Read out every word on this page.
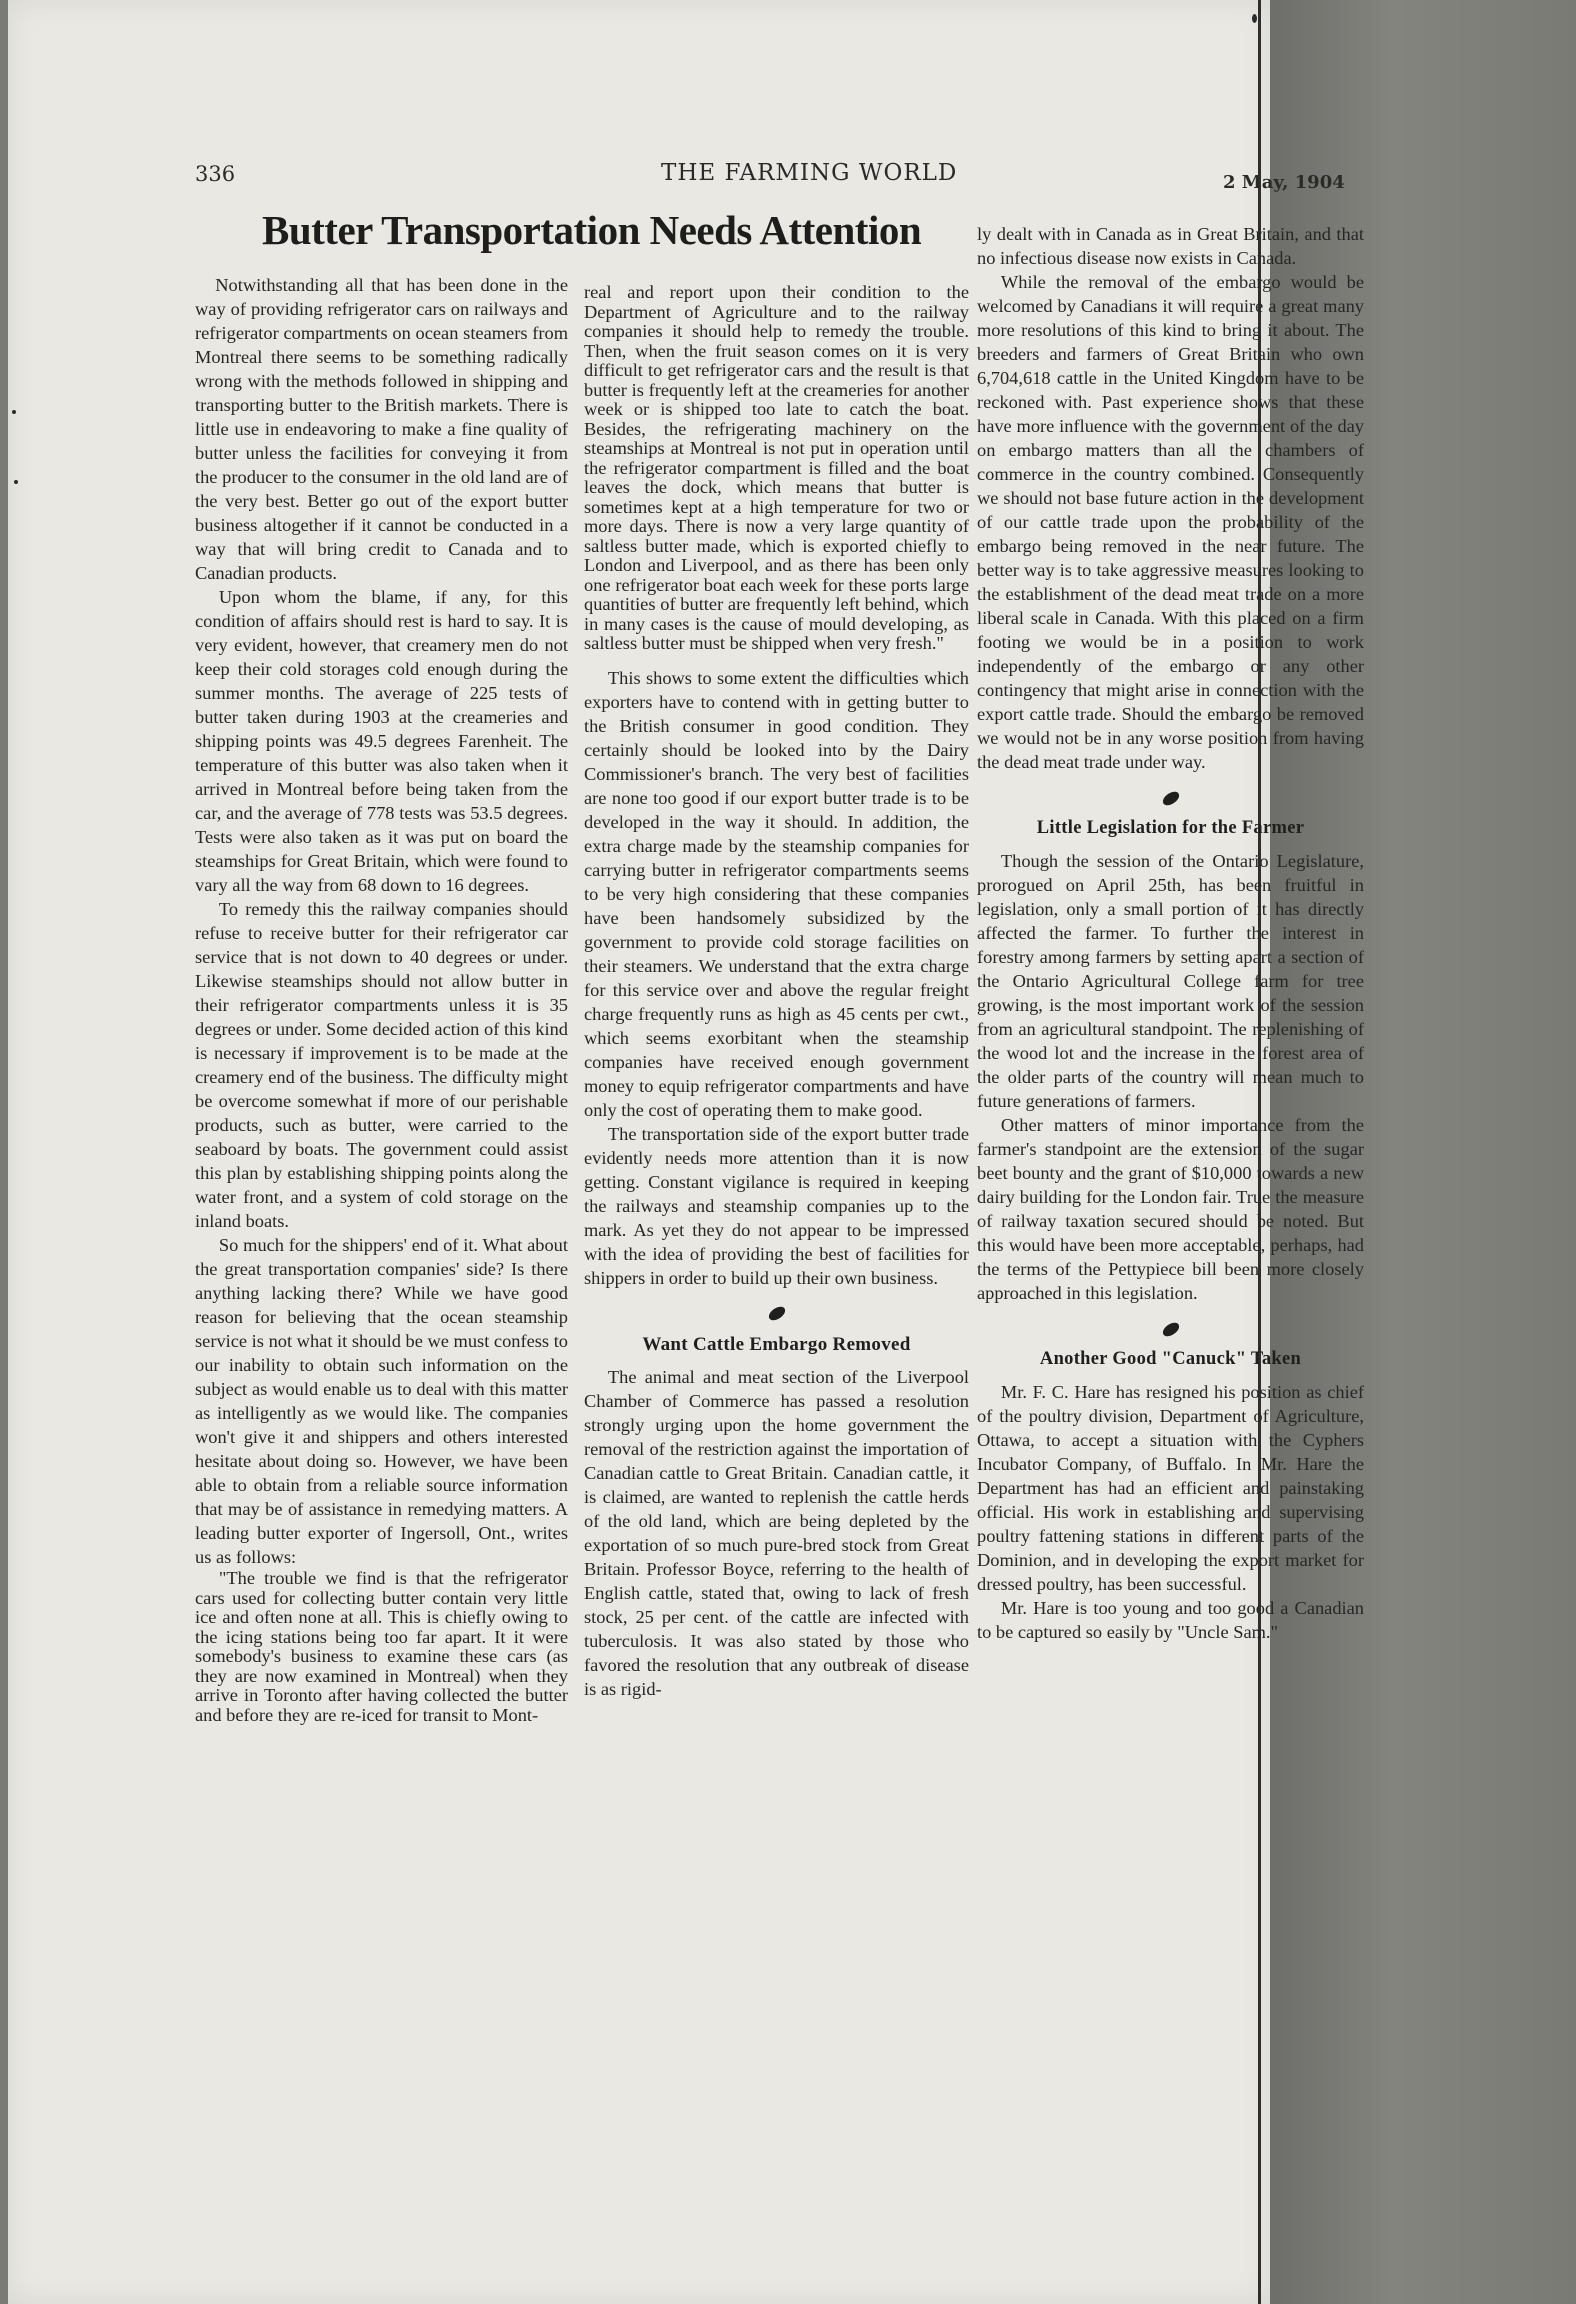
336	THE FARMING WORLD	2 May, 1904
Butter Transportation Needs Attention

Notwithstanding all that has been done in the way of providing refrigerator cars on railways and refrigerator compartments on ocean steamers from Montreal there seems to be something radically wrong with the methods followed in shipping and transporting butter to the British markets. There is little use in endeavoring to make a fine quality of butter unless the facilities for conveying it from the producer to the consumer in the old land are of the very best. Better go out of the export butter business altogether if it cannot be conducted in a way that will bring credit to Canada and to Canadian products.

Upon whom the blame, if any, for this condition of affairs should rest is hard to say. It is very evident, however, that creamery men do not keep their cold storages cold enough during the summer months. The average of 225 tests of butter taken during 1903 at the creameries and shipping points was 49.5 degrees Farenheit. The temperature of this butter was also taken when it arrived in Montreal before being taken from the car, and the average of 778 tests was 53.5 degrees. Tests were also taken as it was put on board the steamships for Great Britain, which were found to vary all the way from 68 down to 16 degrees.

To remedy this the railway companies should refuse to receive butter for their refrigerator car service that is not down to 40 degrees or under. Likewise steamships should not allow butter in their refrigerator compartments unless it is 35 degrees or under. Some decided action of this kind is necessary if improvement is to be made at the creamery end of the business. The difficulty might be overcome somewhat if more of our perishable products, such as butter, were carried to the seaboard by boats. The government could assist this plan by establishing shipping points along the water front, and a system of cold storage on the inland boats.

So much for the shippers' end of it. What about the great transportation companies' side? Is there anything lacking there? While we have good reason for believing that the ocean steamship service is not what it should be we must confess to our inability to obtain such information on the subject as would enable us to deal with this matter as intelligently as we would like. The companies won't give it and shippers and others interested hesitate about doing so. However, we have been able to obtain from a reliable source information that may be of assistance in remedying matters. A leading butter exporter of Ingersoll, Ont., writes us as follows:

"The trouble we find is that the refrigerator cars used for collecting butter contain very little ice and often none at all. This is chiefly owing to the icing stations being too far apart. It it were somebody's business to examine these cars (as they are now examined in Montreal) when they arrive in Toronto after having collected the butter and before they are re-iced for transit to Mont-

real and report upon their condition to the Department of Agriculture and to the railway companies it should help to remedy the trouble. Then, when the fruit season comes on it is very difficult to get refrigerator cars and the result is that butter is frequently left at the creameries for another week or is shipped too late to catch the boat. Besides, the refrigerating machinery on the steamships at Montreal is not put in operation until the refrigerator compartment is filled and the boat leaves the dock, which means that butter is sometimes kept at a high temperature for two or more days. There is now a very large quantity of saltless butter made, which is exported chiefly to London and Liverpool, and as there has been only one refrigerator boat each week for these ports large quantities of butter are frequently left behind, which in many cases is the cause of mould developing, as saltless butter must be shipped when very fresh."

This shows to some extent the difficulties which exporters have to contend with in getting butter to the British consumer in good condition. They certainly should be looked into by the Dairy Commissioner's branch. The very best of facilities are none too good if our export butter trade is to be developed in the way it should. In addition, the extra charge made by the steamship companies for carrying butter in refrigerator compartments seems to be very high considering that these companies have been handsomely subsidized by the government to provide cold storage facilities on their steamers. We understand that the extra charge for this service over and above the regular freight charge frequently runs as high as 45 cents per cwt., which seems exorbitant when the steamship companies have received enough government money to equip refrigerator compartments and have only the cost of operating them to make good.

The transportation side of the export butter trade evidently needs more attention than it is now getting. Constant vigilance is required in keeping the railways and steamship companies up to the mark. As yet they do not appear to be impressed with the idea of providing the best of facilities for shippers in order to build up their own business.

Want Cattle Embargo Removed

The animal and meat section of the Liverpool Chamber of Commerce has passed a resolution strongly urging upon the home government the removal of the restriction against the importation of Canadian cattle to Great Britain. Canadian cattle, it is claimed, are wanted to replenish the cattle herds of the old land, which are being depleted by the exportation of so much pure-bred stock from Great Britain. Professor Boyce, referring to the health of English cattle, stated that, owing to lack of fresh stock, 25 per cent. of the cattle are infected with tuberculosis. It was also stated by those who favored the resolution that any outbreak of disease is as rigid-

ly dealt with in Canada as in Great Britain, and that no infectious disease now exists in Canada.

While the removal of the embargo would be welcomed by Canadians it will require a great many more resolutions of this kind to bring it about. The breeders and farmers of Great Britain who own 6,704,618 cattle in the United Kingdom have to be reckoned with. Past experience shows that these have more influence with the government of the day on embargo matters than all the chambers of commerce in the country combined. Consequently we should not base future action in the development of our cattle trade upon the probability of the embargo being removed in the near future. The better way is to take aggressive measures looking to the establishment of the dead meat trade on a more liberal scale in Canada. With this placed on a firm footing we would be in a position to work independently of the embargo or any other contingency that might arise in connection with the export cattle trade. Should the embargo be removed we would not be in any worse position from having the dead meat trade under way.

Little Legislation for the Farmer

Though the session of the Ontario Legislature, prorogued on April 25th, has been fruitful in legislation, only a small portion of it has directly affected the farmer. To further the interest in forestry among farmers by setting apart a section of the Ontario Agricultural College farm for tree growing, is the most important work of the session from an agricultural standpoint. The replenishing of the wood lot and the increase in the forest area of the older parts of the country will mean much to future generations of farmers.

Other matters of minor importance from the farmer's standpoint are the extension of the sugar beet bounty and the grant of $10,000 towards a new dairy building for the London fair. True the measure of railway taxation secured should be noted. But this would have been more acceptable, perhaps, had the terms of the Pettypiece bill been more closely approached in this legislation.

Another Good "Canuck" Taken

Mr. F. C. Hare has resigned his position as chief of the poultry division, Department of Agriculture, Ottawa, to accept a situation with the Cyphers Incubator Company, of Buffalo. In Mr. Hare the Department has had an efficient and painstaking official. His work in establishing and supervising poultry fattening stations in different parts of the Dominion, and in developing the export market for dressed poultry, has been successful.

Mr. Hare is too young and too good a Canadian to be captured so easily by "Uncle Sam."
